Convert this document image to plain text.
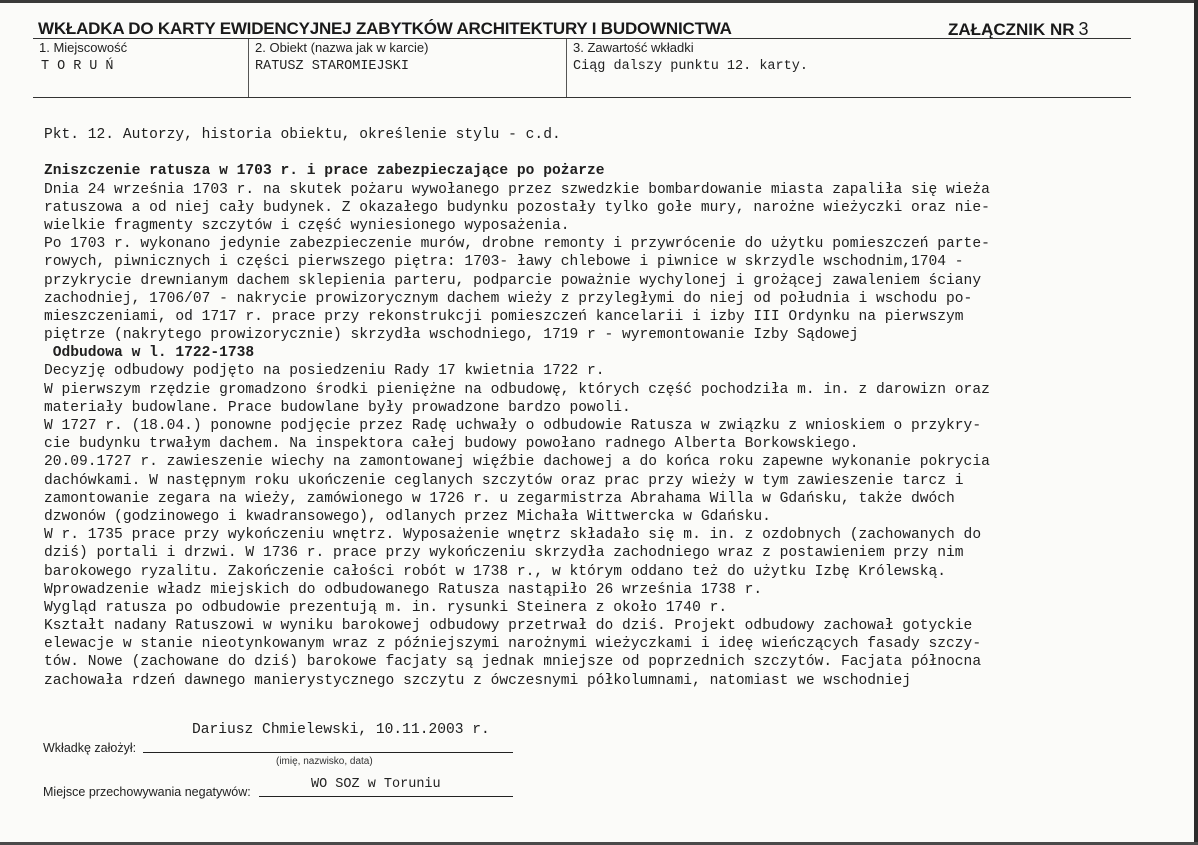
WKŁADKA DO KARTY EWIDENCYJNEJ ZABYTKÓW ARCHITEKTURY I BUDOWNICTWA	ZAŁĄCZNIK NR 3
1. Miejscowość
TORUŃ
2. Obiekt (nazwa jak w karcie)
RATUSZ STAROMIEJSKI
3. Zawartość wkładki
Ciąg dalszy punktu 12. karty.
Pkt. 12. Autorzy, historia obiektu, określenie stylu - c.d.
Zniszczenie ratusza w 1703 r. i prace zabezpieczające po pożarze
Dnia 24 września 1703 r. na skutek pożaru wywołanego przez szwedzkie bombardowanie miasta zapaliła się wieża
ratuszowa a od niej cały budynek. Z okazałego budynku pozostały tylko gołe mury, narożne wieżyczki oraz nie-
wielkie fragmenty szczytów i część wyniesionego wyposażenia.
Po 1703 r. wykonano jedynie zabezpieczenie murów, drobne remonty i przywrócenie do użytku pomieszczeń parte-
rowych, piwnicznych i części pierwszego piętra: 1703- ławy chlebowe i piwnice w skrzydle wschodnim,1704 -
przykrycie drewnianym dachem sklepienia parteru, podparcie poważnie wychylonej i grożącej zawaleniem ściany
zachodniej, 1706/07 - nakrycie prowizorycznym dachem wieży z przyległymi do niej od południa i wschodu po-
mieszczeniami, od 1717 r. prace przy rekonstrukcji pomieszczeń kancelarii i izby III Ordynku na pierwszym
piętrze (nakrytego prowizorycznie) skrzydła wschodniego, 1719 r - wyremontowanie Izby Sądowej
Odbudowa w l. 1722-1738
Decyzję odbudowy podjęto na posiedzeniu Rady 17 kwietnia 1722 r.
W pierwszym rzędzie gromadzono środki pieniężne na odbudowę, których część pochodziła m. in. z darowizn oraz
materiały budowlane. Prace budowlane były prowadzone bardzo powoli.
W 1727 r. (18.04.) ponowne podjęcie przez Radę uchwały o odbudowie Ratusza w związku z wnioskiem o przykry-
cie budynku trwałym dachem. Na inspektora całej budowy powołano radnego Alberta Borkowskiego.
20.09.1727 r. zawieszenie wiechy na zamontowanej więźbie dachowej a do końca roku zapewne wykonanie pokrycia
dachówkami. W następnym roku ukończenie ceglanych szczytów oraz prac przy wieży w tym zawieszenie tarcz i
zamontowanie zegara na wieży, zamówionego w 1726 r. u zegarmistrza Abrahama Willa w Gdańsku, także dwóch
dzwonów (godzinowego i kwadransowego), odlanych przez Michała Wittwercka w Gdańsku.
W r. 1735 prace przy wykończeniu wnętrz. Wyposażenie wnętrz składało się m. in. z ozdobnych (zachowanych do
dziś) portali i drzwi. W 1736 r. prace przy wykończeniu skrzydła zachodniego wraz z postawieniem przy nim
barokowego ryzalitu. Zakończenie całości robót w 1738 r., w którym oddano też do użytku Izbę Królewską.
Wprowadzenie władz miejskich do odbudowanego Ratusza nastąpiło 26 września 1738 r.
Wygląd ratusza po odbudowie prezentują m. in. rysunki Steinera z około 1740 r.
Kształt nadany Ratuszowi w wyniku barokowej odbudowy przetrwał do dziś. Projekt odbudowy zachował gotyckie
elewacje w stanie nieotynkowanym wraz z późniejszymi narożnymi wieżyczkami i ideę wieńczących fasady szczy-
tów. Nowe (zachowane do dziś) barokowe facjaty są jednak mniejsze od poprzednich szczytów. Facjata północna
zachowała rdzeń dawnego manierystycznego szczytu z ówczesnymi półkolumnami, natomiast we wschodniej
Dariusz Chmielewski, 10.11.2003 r.
Wkładkę założył:
(imię, nazwisko, data)
Miejsce przechowywania negatywów:	WO SOZ w Toruniu
